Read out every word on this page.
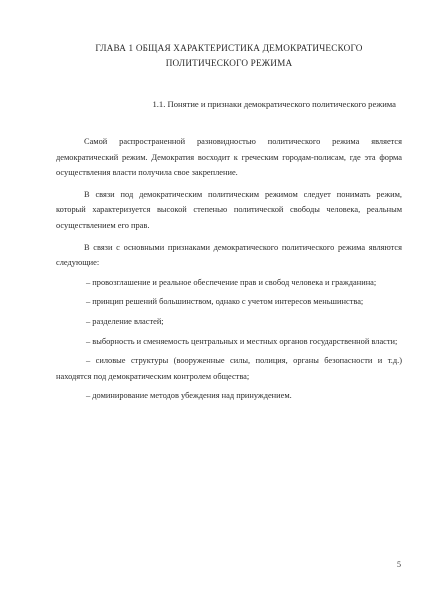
ГЛАВА 1 ОБЩАЯ ХАРАКТЕРИСТИКА ДЕМОКРАТИЧЕСКОГО
ПОЛИТИЧЕСКОГО РЕЖИМА
1.1. Понятие и признаки демократического политического режима

Самой распространенной разновидностью политического режима является демократический режим. Демократия восходит к греческим городам-полисам, где эта форма осуществления власти получила свое закрепление.

В связи под демократическим политическим режимом следует понимать режим, который характеризуется высокой степенью политической свободы человека, реальным осуществлением его прав.

В связи с основными признаками демократического политического режима являются следующие:

– провозглашение и реальное обеспечение прав и свобод человека и гражданина;
– принцип решений большинством, однако с учетом интересов меньшинства;
– разделение властей;
– выборность и сменяемость центральных и местных органов государственной власти;
– силовые структуры (вооруженные силы, полиция, органы безопасности и т.д.) находятся под демократическим контролем общества;
– доминирование методов убеждения над принуждением.
5
